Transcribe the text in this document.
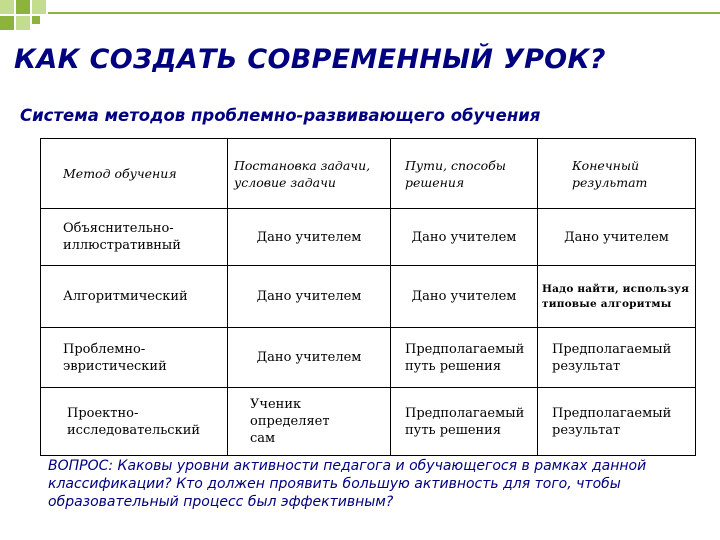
КАК СОЗДАТЬ СОВРЕМЕННЫЙ УРОК?
Система методов проблемно-развивающего обучения
Метод обучения	Постановка задачи, условие задачи	Пути, способы решения	Конечный результат
Объяснительно-иллюстративный	Дано учителем	Дано учителем	Дано учителем
Алгоритмический	Дано учителем	Дано учителем	Надо найти, используя типовые алгоритмы
Проблемно-эвристический	Дано учителем	Предполагаемый путь решения	Предполагаемый результат
Проектно-исследовательский	Ученик определяет сам	Предполагаемый путь решения	Предполагаемый результат
ВОПРОС: Каковы уровни активности педагога и обучающегося в рамках данной классификации? Кто должен проявить большую активность для того, чтобы образовательный процесс был эффективным?
